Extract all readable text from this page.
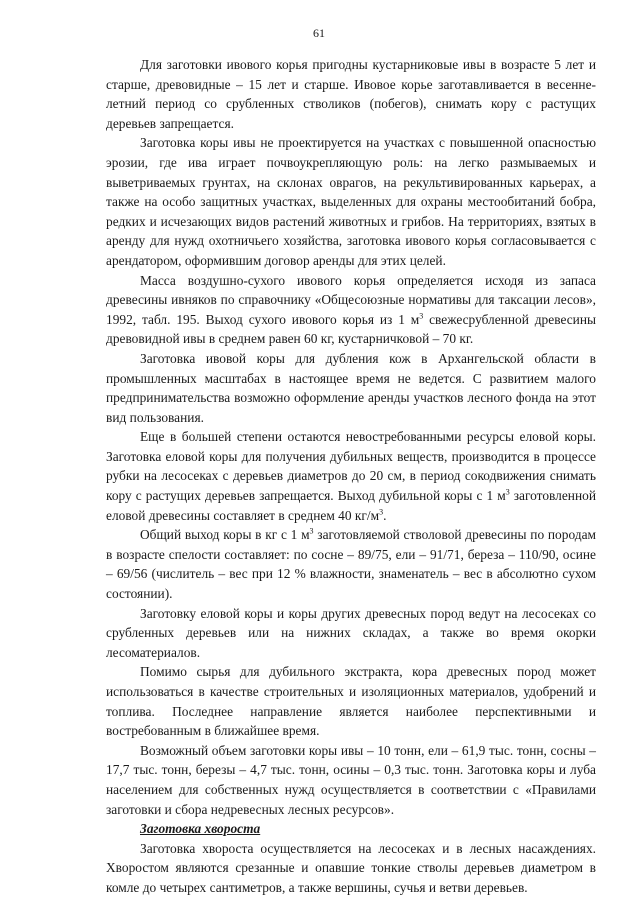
61

Для заготовки ивового корья пригодны кустарниковые ивы в возрасте 5 лет и старше, древовидные – 15 лет и старше. Ивовое корье заготавливается в весенне-летний период со срубленных стволиков (побегов), снимать кору с растущих деревьев запрещается.

Заготовка коры ивы не проектируется на участках с повышенной опасностью эрозии, где ива играет почвоукрепляющую роль: на легко размываемых и выветриваемых грунтах, на склонах оврагов, на рекультивированных карьерах, а также на особо защитных участках, выделенных для охраны местообитаний бобра, редких и исчезающих видов растений животных и грибов. На территориях, взятых в аренду для нужд охотничьего хозяйства, заготовка ивового корья согласовывается с арендатором, оформившим договор аренды для этих целей.

Масса воздушно-сухого ивового корья определяется исходя из запаса древесины ивняков по справочнику «Общесоюзные нормативы для таксации лесов», 1992, табл. 195. Выход сухого ивового корья из 1 $м^3$ свежесрубленной древесины древовидной ивы в среднем равен 60 кг, кустарничковой – 70 кг.

Заготовка ивовой коры для дубления кож в Архангельской области в промышленных масштабах в настоящее время не ведется. С развитием малого предпринимательства возможно оформление аренды участков лесного фонда на этот вид пользования.

Еще в большей степени остаются невостребованными ресурсы еловой коры. Заготовка еловой коры для получения дубильных веществ, производится в процессе рубки на лесосеках с деревьев диаметров до 20 см, в период сокодвижения снимать кору с растущих деревьев запрещается. Выход дубильной коры с 1 $м^3$ заготовленной еловой древесины составляет в среднем 40 $кг/м^3$.

Общий выход коры в кг с 1 $м^3$ заготовляемой стволовой древесины по породам в возрасте спелости составляет: по сосне – 89/75, ели – 91/71, береза – 110/90, осине – 69/56 (числитель – вес при 12 % влажности, знаменатель – вес в абсолютно сухом состоянии).

Заготовку еловой коры и коры других древесных пород ведут на лесосеках со срубленных деревьев или на нижних складах, а также во время окорки лесоматериалов.

Помимо сырья для дубильного экстракта, кора древесных пород может использоваться в качестве строительных и изоляционных материалов, удобрений и топлива. Последнее направление является наиболее перспективными и востребованным в ближайшее время.

Возможный объем заготовки коры ивы – 10 тонн, ели – 61,9 тыс. тонн, сосны – 17,7 тыс. тонн, березы – 4,7 тыс. тонн, осины – 0,3 тыс. тонн. Заготовка коры и луба населением для собственных нужд осуществляется в соответствии с «Правилами заготовки и сбора недревесных лесных ресурсов».

Заготовка хвороста

Заготовка хвороста осуществляется на лесосеках и в лесных насаждениях. Хворостом являются срезанные и опавшие тонкие стволы деревьев диаметром в комле до четырех сантиметров, а также вершины, сучья и ветви деревьев.
